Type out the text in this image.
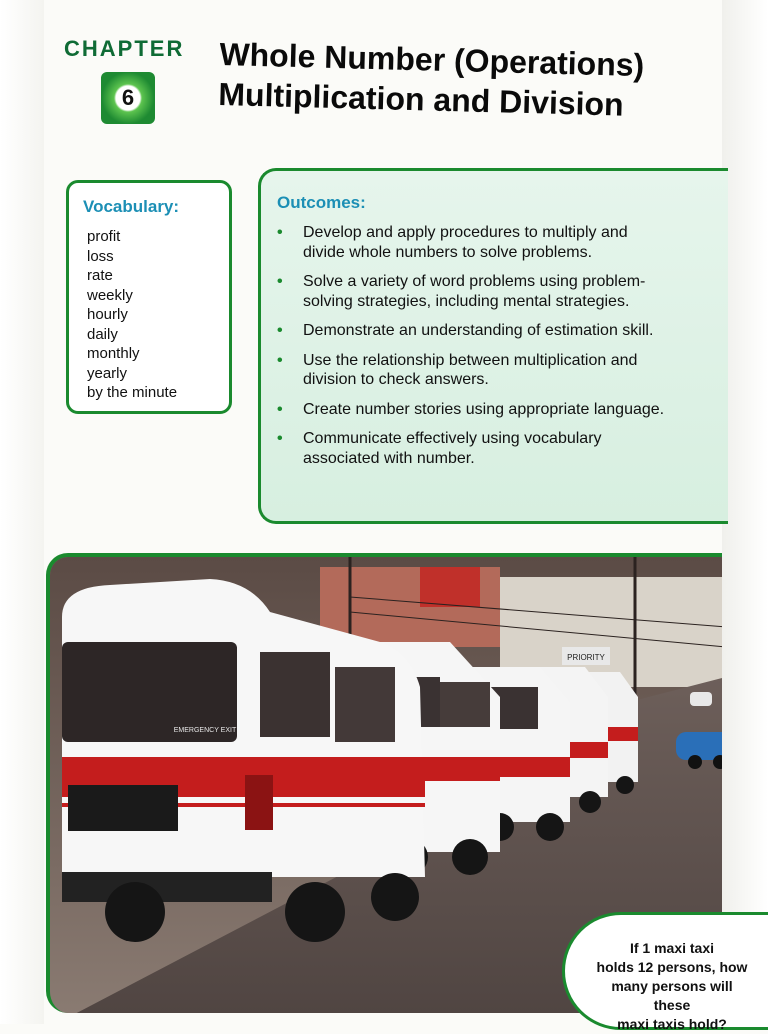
CHAPTER
6
Whole Number (Operations)
Multiplication and Division
Vocabulary:
profit
loss
rate
weekly
hourly
daily
monthly
yearly
by the minute
Outcomes:
• Develop and apply procedures to multiply and
divide whole numbers to solve problems.
• Solve a variety of word problems using problem-
solving strategies, including mental strategies.
• Demonstrate an understanding of estimation skill.
• Use the relationship between multiplication and
division to check answers.
• Create number stories using appropriate language.
• Communicate effectively using vocabulary
associated with number.
PRIORITY
EMERGENCY EXIT
If 1 maxi taxi
holds 12 persons, how
many persons will these
maxi taxis hold?
